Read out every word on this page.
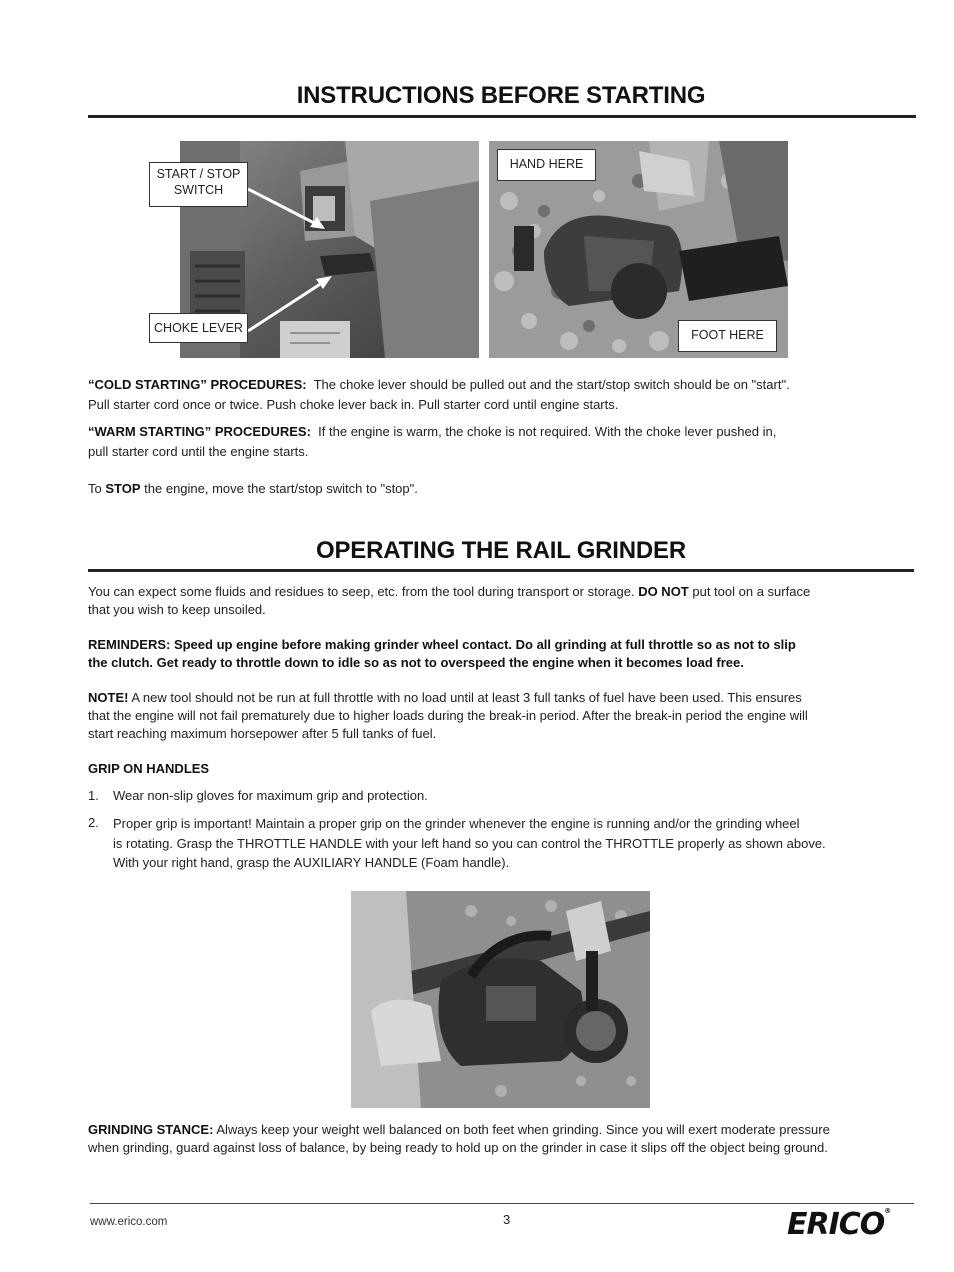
INSTRUCTIONS BEFORE STARTING
START / STOP
SWITCH
CHOKE LEVER
HAND HERE
FOOT HERE
“COLD STARTING” PROCEDURES: The choke lever should be pulled out and the start/stop switch should be on "start".
Pull starter cord once or twice. Push choke lever back in. Pull starter cord until engine starts.
“WARM STARTING” PROCEDURES: If the engine is warm, the choke is not required. With the choke lever pushed in,
pull starter cord until the engine starts.
To STOP the engine, move the start/stop switch to "stop".
OPERATING THE RAIL GRINDER
You can expect some fluids and residues to seep, etc. from the tool during transport or storage. DO NOT put tool on a surface
that you wish to keep unsoiled.
REMINDERS: Speed up engine before making grinder wheel contact. Do all grinding at full throttle so as not to slip
the clutch. Get ready to throttle down to idle so as not to overspeed the engine when it becomes load free.
NOTE! A new tool should not be run at full throttle with no load until at least 3 full tanks of fuel have been used. This ensures
that the engine will not fail prematurely due to higher loads during the break-in period. After the break-in period the engine will
start reaching maximum horsepower after 5 full tanks of fuel.
GRIP ON HANDLES
1. Wear non-slip gloves for maximum grip and protection.
2. Proper grip is important! Maintain a proper grip on the grinder whenever the engine is running and/or the grinding wheel
is rotating. Grasp the THROTTLE HANDLE with your left hand so you can control the THROTTLE properly as shown above.
With your right hand, grasp the AUXILIARY HANDLE (Foam handle).
GRINDING STANCE: Always keep your weight well balanced on both feet when grinding. Since you will exert moderate pressure
when grinding, guard against loss of balance, by being ready to hold up on the grinder in case it slips off the object being ground.
www.erico.com	3	ERICO®
